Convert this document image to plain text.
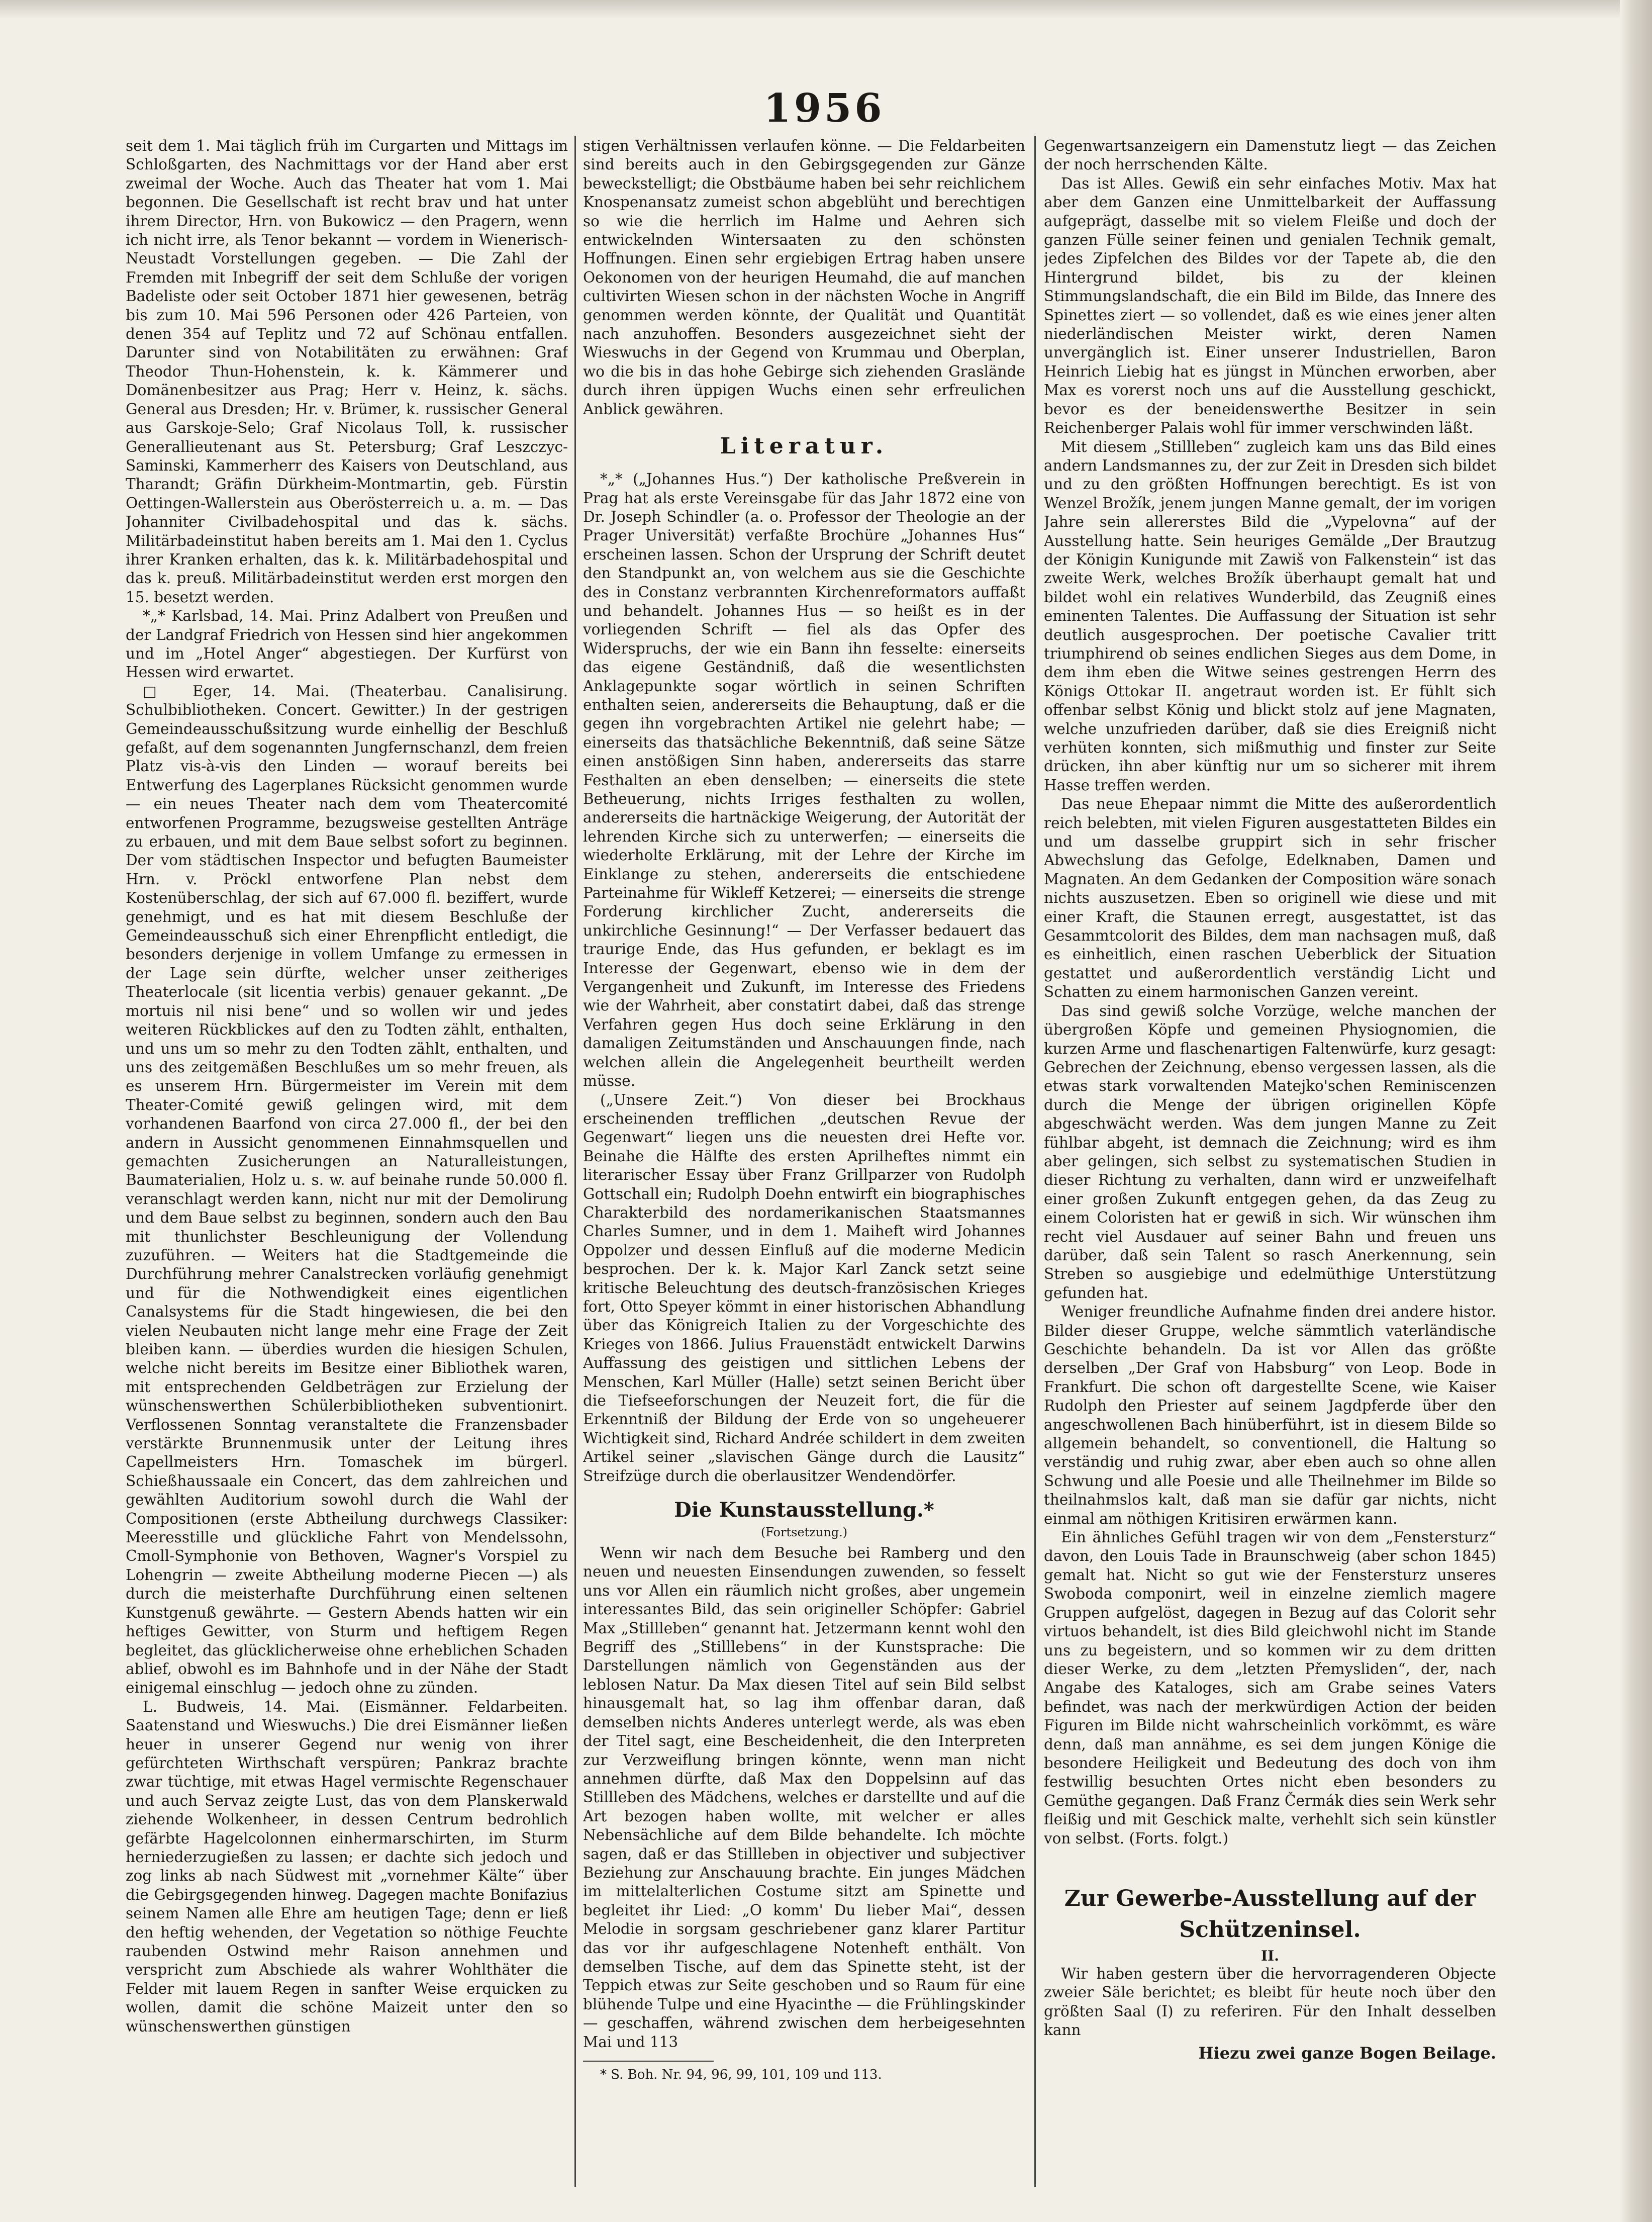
1956

seit dem 1. Mai täglich früh im Curgarten und Mittags im Schloßgarten, des Nachmittags vor der Hand aber erst zweimal der Woche. Auch das Theater hat vom 1. Mai begonnen. Die Gesellschaft ist recht brav und hat unter ihrem Director, Hrn. von Bukowicz — den Pragern, wenn ich nicht irre, als Tenor bekannt — vordem in Wienerisch-Neustadt Vorstellungen gegeben. — Die Zahl der Fremden mit Inbegriff der seit dem Schluße der vorigen Badeliste oder seit October 1871 hier gewesenen, beträg bis zum 10. Mai 596 Personen oder 426 Parteien, von denen 354 auf Teplitz und 72 auf Schönau entfallen. Darunter sind von Notabilitäten zu erwähnen: Graf Theodor Thun-Hohenstein, k. k. Kämmerer und Domänenbesitzer aus Prag; Herr v. Heinz, k. sächs. General aus Dresden; Hr. v. Brümer, k. russischer General aus Garskoje-Selo; Graf Nicolaus Toll, k. russischer Generallieutenant aus St. Petersburg; Graf Leszczyc-Saminski, Kammerherr des Kaisers von Deutschland, aus Tharandt; Gräfin Dürkheim-Montmartin, geb. Fürstin Oettingen-Wallerstein aus Oberösterreich u. a. m. — Das Johanniter Civilbadehospital und das k. sächs. Militärbadeinstitut haben bereits am 1. Mai den 1. Cyclus ihrer Kranken erhalten, das k. k. Militärbadehospital und das k. preuß. Militärbadeinstitut werden erst morgen den 15. besetzt werden.

*„* Karlsbad, 14. Mai. Prinz Adalbert von Preußen und der Landgraf Friedrich von Hessen sind hier angekommen und im „Hotel Anger“ abgestiegen. Der Kurfürst von Hessen wird erwartet.

□ Eger, 14. Mai. (Theaterbau. Canalisirung. Schulbibliotheken. Concert. Gewitter.) In der gestrigen Gemeindeausschußsitzung wurde einhellig der Beschluß gefaßt, auf dem sogenannten Jungfernschanzl, dem freien Platz vis-à-vis den Linden — worauf bereits bei Entwerfung des Lagerplanes Rücksicht genommen wurde — ein neues Theater nach dem vom Theatercomité entworfenen Programme, bezugsweise gestellten Anträge zu erbauen, und mit dem Baue selbst sofort zu beginnen. Der vom städtischen Inspector und befugten Baumeister Hrn. v. Pröckl entworfene Plan nebst dem Kostenüberschlag, der sich auf 67.000 fl. beziffert, wurde genehmigt, und es hat mit diesem Beschluße der Gemeindeausschuß sich einer Ehrenpflicht entledigt, die besonders derjenige in vollem Umfange zu ermessen in der Lage sein dürfte, welcher unser zeitheriges Theaterlocale (sit licentia verbis) genauer gekannt. „De mortuis nil nisi bene“ und so wollen wir und jedes weiteren Rückblickes auf den zu Todten zählt, enthalten, und uns um so mehr zu den Todten zählt, enthalten, und uns des zeitgemäßen Beschlußes um so mehr freuen, als es unserem Hrn. Bürgermeister im Verein mit dem Theater-Comité gewiß gelingen wird, mit dem vorhandenen Baarfond von circa 27.000 fl., der bei den andern in Aussicht genommenen Einnahmsquellen und gemachten Zusicherungen an Naturalleistungen, Baumaterialien, Holz u. s. w. auf beinahe runde 50.000 fl. veranschlagt werden kann, nicht nur mit der Demolirung und dem Baue selbst zu beginnen, sondern auch den Bau mit thunlichster Beschleunigung der Vollendung zuzuführen. — Weiters hat die Stadtgemeinde die Durchführung mehrer Canalstrecken vorläufig genehmigt und für die Nothwendigkeit eines eigentlichen Canalsystems für die Stadt hingewiesen, die bei den vielen Neubauten nicht lange mehr eine Frage der Zeit bleiben kann. — überdies wurden die hiesigen Schulen, welche nicht bereits im Besitze einer Bibliothek waren, mit entsprechenden Geldbeträgen zur Erzielung der wünschenswerthen Schülerbibliotheken subventionirt. Verflossenen Sonntag veranstaltete die Franzensbader verstärkte Brunnenmusik unter der Leitung ihres Capellmeisters Hrn. Tomaschek im bürgerl. Schießhaussaale ein Concert, das dem zahlreichen und gewählten Auditorium sowohl durch die Wahl der Compositionen (erste Abtheilung durchwegs Classiker: Meeresstille und glückliche Fahrt von Mendelssohn, Cmoll-Symphonie von Bethoven, Wagner's Vorspiel zu Lohengrin — zweite Abtheilung moderne Piecen —) als durch die meisterhafte Durchführung einen seltenen Kunstgenuß gewährte. — Gestern Abends hatten wir ein heftiges Gewitter, von Sturm und heftigem Regen begleitet, das glücklicherweise ohne erheblichen Schaden ablief, obwohl es im Bahnhofe und in der Nähe der Stadt einigemal einschlug — jedoch ohne zu zünden.

L. Budweis, 14. Mai. (Eismänner. Feldarbeiten. Saatenstand und Wieswuchs.) Die drei Eismänner ließen heuer in unserer Gegend nur wenig von ihrer gefürchteten Wirthschaft verspüren; Pankraz brachte zwar tüchtige, mit etwas Hagel vermischte Regenschauer und auch Servaz zeigte Lust, das von dem Planskerwald ziehende Wolkenheer, in dessen Centrum bedrohlich gefärbte Hagelcolonnen einhermarschirten, im Sturm herniederzugießen zu lassen; er dachte sich jedoch und zog links ab nach Südwest mit „vornehmer Kälte“ über die Gebirgsgegenden hinweg. Dagegen machte Bonifazius seinem Namen alle Ehre am heutigen Tage; denn er ließ den heftig wehenden, der Vegetation so nöthige Feuchte raubenden Ostwind mehr Raison annehmen und verspricht zum Abschiede als wahrer Wohlthäter die Felder mit lauem Regen in sanfter Weise erquicken zu wollen, damit die schöne Maizeit unter den so wünschenswerthen günstigen

stigen Verhältnissen verlaufen könne. — Die Feldarbeiten sind bereits auch in den Gebirgsgegenden zur Gänze beweckstelligt; die Obstbäume haben bei sehr reichlichem Knospenansatz zumeist schon abgeblüht und berechtigen so wie die herrlich im Halme und Aehren sich entwickelnden Wintersaaten zu den schönsten Hoffnungen. Einen sehr ergiebigen Ertrag haben unsere Oekonomen von der heurigen Heumahd, die auf manchen cultivirten Wiesen schon in der nächsten Woche in Angriff genommen werden könnte, der Qualität und Quantität nach anzuhoffen. Besonders ausgezeichnet sieht der Wieswuchs in der Gegend von Krummau und Oberplan, wo die bis in das hohe Gebirge sich ziehenden Graslände durch ihren üppigen Wuchs einen sehr erfreulichen Anblick gewähren.

Literatur.

*„* („Johannes Hus.“) Der katholische Preßverein in Prag hat als erste Vereinsgabe für das Jahr 1872 eine von Dr. Joseph Schindler (a. o. Professor der Theologie an der Prager Universität) verfaßte Brochüre „Johannes Hus“ erscheinen lassen. Schon der Ursprung der Schrift deutet den Standpunkt an, von welchem aus sie die Geschichte des in Constanz verbrannten Kirchenreformators auffaßt und behandelt. Johannes Hus — so heißt es in der vorliegenden Schrift — fiel als das Opfer des Widerspruchs, der wie ein Bann ihn fesselte: einerseits das eigene Geständniß, daß die wesentlichsten Anklagepunkte sogar wörtlich in seinen Schriften enthalten seien, andererseits die Behauptung, daß er die gegen ihn vorgebrachten Artikel nie gelehrt habe; — einerseits das thatsächliche Bekenntniß, daß seine Sätze einen anstößigen Sinn haben, andererseits das starre Festhalten an eben denselben; — einerseits die stete Betheuerung, nichts Irriges festhalten zu wollen, andererseits die hartnäckige Weigerung, der Autorität der lehrenden Kirche sich zu unterwerfen; — einerseits die wiederholte Erklärung, mit der Lehre der Kirche im Einklange zu stehen, andererseits die entschiedene Parteinahme für Wikleff Ketzerei; — einerseits die strenge Forderung kirchlicher Zucht, andererseits die unkirchliche Gesinnung!“ — Der Verfasser bedauert das traurige Ende, das Hus gefunden, er beklagt es im Interesse der Gegenwart, ebenso wie in dem der Vergangenheit und Zukunft, im Interesse des Friedens wie der Wahrheit, aber constatirt dabei, daß das strenge Verfahren gegen Hus doch seine Erklärung in den damaligen Zeitumständen und Anschauungen finde, nach welchen allein die Angelegenheit beurtheilt werden müsse.

(„Unsere Zeit.“) Von dieser bei Brockhaus erscheinenden trefflichen „deutschen Revue der Gegenwart“ liegen uns die neuesten drei Hefte vor. Beinahe die Hälfte des ersten Aprilheftes nimmt ein literarischer Essay über Franz Grillparzer von Rudolph Gottschall ein; Rudolph Doehn entwirft ein biographisches Charakterbild des nordamerikanischen Staatsmannes Charles Sumner, und in dem 1. Maiheft wird Johannes Oppolzer und dessen Einfluß auf die moderne Medicin besprochen. Der k. k. Major Karl Zanck setzt seine kritische Beleuchtung des deutsch-französischen Krieges fort, Otto Speyer kömmt in einer historischen Abhandlung über das Königreich Italien zu der Vorgeschichte des Krieges von 1866. Julius Frauenstädt entwickelt Darwins Auffassung des geistigen und sittlichen Lebens der Menschen, Karl Müller (Halle) setzt seinen Bericht über die Tiefseeforschungen der Neuzeit fort, die für die Erkenntniß der Bildung der Erde von so ungeheuerer Wichtigkeit sind, Richard Andrée schildert in dem zweiten Artikel seiner „slavischen Gänge durch die Lausitz“ Streifzüge durch die oberlausitzer Wendendörfer.

Die Kunstausstellung.*
(Fortsetzung.)

Wenn wir nach dem Besuche bei Ramberg und den neuen und neuesten Einsendungen zuwenden, so fesselt uns vor Allen ein räumlich nicht großes, aber ungemein interessantes Bild, das sein origineller Schöpfer: Gabriel Max „Stillleben“ genannt hat. Jetzermann kennt wohl den Begriff des „Stilllebens“ in der Kunstsprache: Die Darstellungen nämlich von Gegenständen aus der leblosen Natur. Da Max diesen Titel auf sein Bild selbst hinausgemalt hat, so lag ihm offenbar daran, daß demselben nichts Anderes unterlegt werde, als was eben der Titel sagt, eine Bescheidenheit, die den Interpreten zur Verzweiflung bringen könnte, wenn man nicht annehmen dürfte, daß Max den Doppelsinn auf das Stillleben des Mädchens, welches er darstellte und auf die Art bezogen haben wollte, mit welcher er alles Nebensächliche auf dem Bilde behandelte. Ich möchte sagen, daß er das Stillleben in objectiver und subjectiver Beziehung zur Anschauung brachte. Ein junges Mädchen im mittelalterlichen Costume sitzt am Spinette und begleitet ihr Lied: „O komm' Du lieber Mai“, dessen Melodie in sorgsam geschriebener ganz klarer Partitur das vor ihr aufgeschlagene Notenheft enthält. Von demselben Tische, auf dem das Spinette steht, ist der Teppich etwas zur Seite geschoben und so Raum für eine blühende Tulpe und eine Hyacinthe — die Frühlingskinder — geschaffen, während zwischen dem herbeigesehnten Mai und 113

* S. Boh. Nr. 94, 96, 99, 101, 109 und 113.

Gegenwartsanzeigern ein Damenstutz liegt — das Zeichen der noch herrschenden Kälte.

Das ist Alles. Gewiß ein sehr einfaches Motiv. Max hat aber dem Ganzen eine Unmittelbarkeit der Auffassung aufgeprägt, dasselbe mit so vielem Fleiße und doch der ganzen Fülle seiner feinen und genialen Technik gemalt, jedes Zipfelchen des Bildes vor der Tapete ab, die den Hintergrund bildet, bis zu der kleinen Stimmungslandschaft, die ein Bild im Bilde, das Innere des Spinettes ziert — so vollendet, daß es wie eines jener alten niederländischen Meister wirkt, deren Namen unvergänglich ist. Einer unserer Industriellen, Baron Heinrich Liebig hat es jüngst in München erworben, aber Max es vorerst noch uns auf die Ausstellung geschickt, bevor es der beneidenswerthe Besitzer in sein Reichenberger Palais wohl für immer verschwinden läßt.

Mit diesem „Stillleben“ zugleich kam uns das Bild eines andern Landsmannes zu, der zur Zeit in Dresden sich bildet und zu den größten Hoffnungen berechtigt. Es ist von Wenzel Brožík, jenem jungen Manne gemalt, der im vorigen Jahre sein allererstes Bild die „Vypelovna“ auf der Ausstellung hatte. Sein heuriges Gemälde „Der Brautzug der Königin Kunigunde mit Zawiš von Falkenstein“ ist das zweite Werk, welches Brožík überhaupt gemalt hat und bildet wohl ein relatives Wunderbild, das Zeugniß eines eminenten Talentes. Die Auffassung der Situation ist sehr deutlich ausgesprochen. Der poetische Cavalier tritt triumphirend ob seines endlichen Sieges aus dem Dome, in dem ihm eben die Witwe seines gestrengen Herrn des Königs Ottokar II. angetraut worden ist. Er fühlt sich offenbar selbst König und blickt stolz auf jene Magnaten, welche unzufrieden darüber, daß sie dies Ereigniß nicht verhüten konnten, sich mißmuthig und finster zur Seite drücken, ihn aber künftig nur um so sicherer mit ihrem Hasse treffen werden.

Das neue Ehepaar nimmt die Mitte des außerordentlich reich belebten, mit vielen Figuren ausgestatteten Bildes ein und um dasselbe gruppirt sich in sehr frischer Abwechslung das Gefolge, Edelknaben, Damen und Magnaten. An dem Gedanken der Composition wäre sonach nichts auszusetzen. Eben so originell wie diese und mit einer Kraft, die Staunen erregt, ausgestattet, ist das Gesammtcolorit des Bildes, dem man nachsagen muß, daß es einheitlich, einen raschen Ueberblick der Situation gestattet und außerordentlich verständig Licht und Schatten zu einem harmonischen Ganzen vereint.

Das sind gewiß solche Vorzüge, welche manchen der übergroßen Köpfe und gemeinen Physiognomien, die kurzen Arme und flaschenartigen Faltenwürfe, kurz gesagt: Gebrechen der Zeichnung, ebenso vergessen lassen, als die etwas stark vorwaltenden Matejko'schen Reminiscenzen durch die Menge der übrigen originellen Köpfe abgeschwächt werden. Was dem jungen Manne zu Zeit fühlbar abgeht, ist demnach die Zeichnung; wird es ihm aber gelingen, sich selbst zu systematischen Studien in dieser Richtung zu verhalten, dann wird er unzweifelhaft einer großen Zukunft entgegen gehen, da das Zeug zu einem Coloristen hat er gewiß in sich. Wir wünschen ihm recht viel Ausdauer auf seiner Bahn und freuen uns darüber, daß sein Talent so rasch Anerkennung, sein Streben so ausgiebige und edelmüthige Unterstützung gefunden hat.

Weniger freundliche Aufnahme finden drei andere histor. Bilder dieser Gruppe, welche sämmtlich vaterländische Geschichte behandeln. Da ist vor Allen das größte derselben „Der Graf von Habsburg“ von Leop. Bode in Frankfurt. Die schon oft dargestellte Scene, wie Kaiser Rudolph den Priester auf seinem Jagdpferde über den angeschwollenen Bach hinüberführt, ist in diesem Bilde so allgemein behandelt, so conventionell, die Haltung so verständig und ruhig zwar, aber eben auch so ohne allen Schwung und alle Poesie und alle Theilnehmer im Bilde so theilnahmslos kalt, daß man sie dafür gar nichts, nicht einmal am nöthigen Kritisiren erwärmen kann.

Ein ähnliches Gefühl tragen wir von dem „Fenstersturz“ davon, den Louis Tade in Braunschweig (aber schon 1845) gemalt hat. Nicht so gut wie der Fenstersturz unseres Swoboda componirt, weil in einzelne ziemlich magere Gruppen aufgelöst, dagegen in Bezug auf das Colorit sehr virtuos behandelt, ist dies Bild gleichwohl nicht im Stande uns zu begeistern, und so kommen wir zu dem dritten dieser Werke, zu dem „letzten Přemysliden“, der, nach Angabe des Kataloges, sich am Grabe seines Vaters befindet, was nach der merkwürdigen Action der beiden Figuren im Bilde nicht wahrscheinlich vorkömmt, es wäre denn, daß man annähme, es sei dem jungen Könige die besondere Heiligkeit und Bedeutung des doch von ihm festwillig besuchten Ortes nicht eben besonders zu Gemüthe gegangen. Daß Franz Čermák dies sein Werk sehr fleißig und mit Geschick malte, verhehlt sich sein künstler von selbst. (Forts. folgt.)

Zur Gewerbe-Ausstellung auf der
Schützeninsel.
II.

Wir haben gestern über die hervorragenderen Objecte zweier Säle berichtet; es bleibt für heute noch über den größten Saal (I) zu referiren. Für den Inhalt desselben kann

Hiezu zwei ganze Bogen Beilage.
